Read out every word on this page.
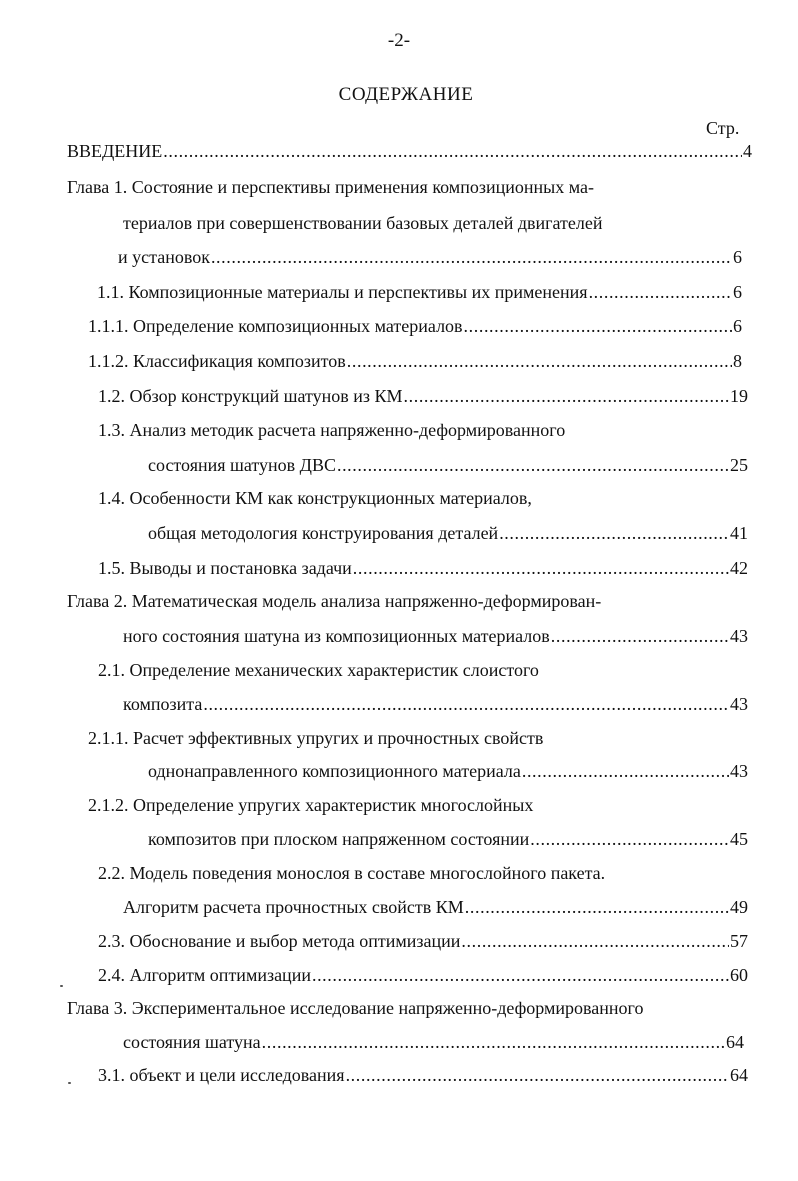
-2-
СОДЕРЖАНИЕ
Стр.
ВВЕДЕНИЕ .....	4
Глава 1. Состояние и перспективы применения композиционных ма-
териалов при совершенствовании базовых деталей двигателей
и установок .....	6
1.1. Композиционные материалы и перспективы их применения .....	6
1.1.1. Определение композиционных материалов .....	6
1.1.2. Классификация композитов .....	8
1.2. Обзор конструкций шатунов из КМ .....	19
1.3. Анализ методик расчета напряженно-деформированного
состояния шатунов ДВС .....	25
1.4. Особенности КМ как конструкционных материалов,
общая методология конструирования деталей .....	41
1.5. Выводы и постановка задачи .....	42
Глава 2. Математическая модель анализа напряженно-деформирован-
ного состояния шатуна из композиционных материалов .....	43
2.1. Определение механических характеристик слоистого
композита .....	43
2.1.1. Расчет эффективных упругих и прочностных свойств
однонаправленного композиционного материала .....	43
2.1.2. Определение упругих характеристик многослойных
композитов при плоском напряженном состоянии .....	45
2.2. Модель поведения монослоя в составе многослойного пакета.
Алгоритм расчета прочностных свойств КМ .....	49
2.3. Обоснование и выбор метода оптимизации .....	57
2.4. Алгоритм оптимизации .....	60
Глава 3. Экспериментальное исследование напряженно-деформированного
состояния шатуна .....	64
3.1. объект и цели исследования .....	64
